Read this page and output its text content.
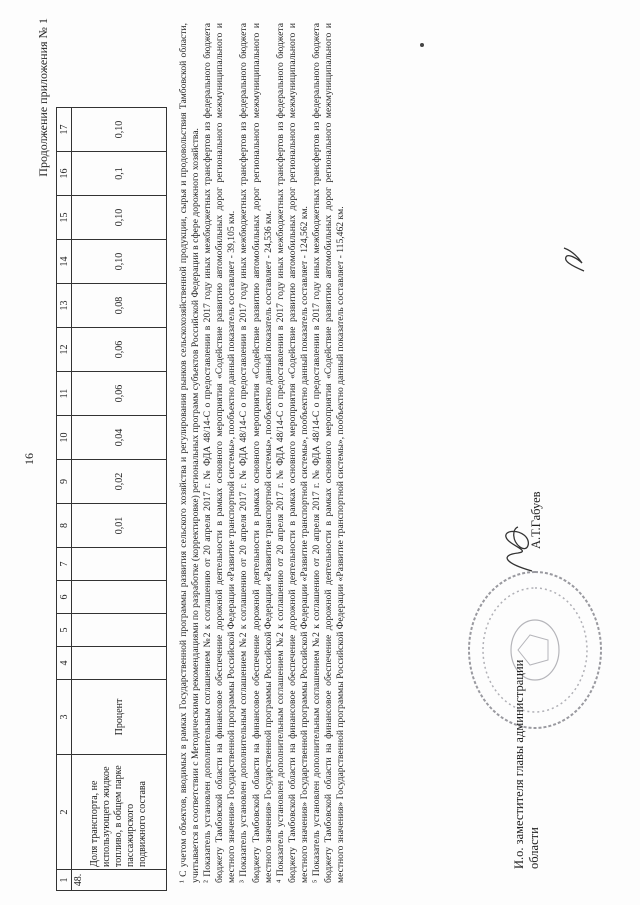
16
Продолжение приложения № 1
1	2	3	4	5	6	7	8	9	10	11	12	13	14	15	16	17
48.	Доля транспорта, не использующего жидкое топливо, в общем парке пассажирского подвижного состава	Процент					0,01	0,02	0,04	0,06	0,06	0,08	0,10	0,10	0,1	0,10	¹ С учетом объектов, вводимых в рамках Государственной программы развития сельского хозяйства и регулирования рынков сельскохозяйственной продукции, сырья и продовольствия Тамбовской области, учитывается в соответствии с Методическими рекомендациями по разработке (корректировке) региональных программ субъектов Российской Федерации в сфере дорожного хозяйства. ² Показатель установлен дополнительным соглашением №2 к соглашению от 20 апреля 2017 г. № ФДА 48/14-С о предоставлении в 2017 году иных межбюджетных трансфертов из федерального бюджета бюджету Тамбовской области на финансовое обеспечение дорожной деятельности в рамках основного мероприятия «Содействие развитию автомобильных дорог регионального межмуниципального и местного значения» Государственной программы Российской Федерации «Развитие транспортной системы», пообъектно данный показатель составляет - 39,105 км. ³ Показатель установлен дополнительным соглашением №2 к соглашению от 20 апреля 2017 г. № ФДА 48/14-С о предоставлении в 2017 году иных межбюджетных трансфертов из федерального бюджета бюджету Тамбовской области на финансовое обеспечение дорожной деятельности в рамках основного мероприятия «Содействие развитию автомобильных дорог регионального межмуниципального и местного значения» Государственной программы Российской Федерации «Развитие транспортной системы», пообъектно данный показатель составляет - 24,536 км. ⁴ Показатель установлен дополнительным соглашением №2 к соглашению от 20 апреля 2017 г. № ФДА 48/14-С о предоставлении в 2017 году иных межбюджетных трансфертов из федерального бюджета бюджету Тамбовской области на финансовое обеспечение дорожной деятельности в рамках основного мероприятия «Содействие развитию автомобильных дорог регионального межмуниципального и местного значения» Государственной программы Российской Федерации «Развитие транспортной системы», пообъектно данный показатель составляет - 124,562 км. ⁵ Показатель установлен дополнительным соглашением №2 к соглашению от 20 апреля 2017 г. № ФДА 48/14-С о предоставлении в 2017 году иных межбюджетных трансфертов из федерального бюджета бюджету Тамбовской области на финансовое обеспечение дорожной деятельности в рамках основного мероприятия «Содействие развитию автомобильных дорог регионального межмуниципального и местного значения» Государственной программы Российской Федерации «Развитие транспортной системы», пообъектно данный показатель составляет - 115,462 км.	И.о. заместителя главы администрации области
А.Т.Габуев
